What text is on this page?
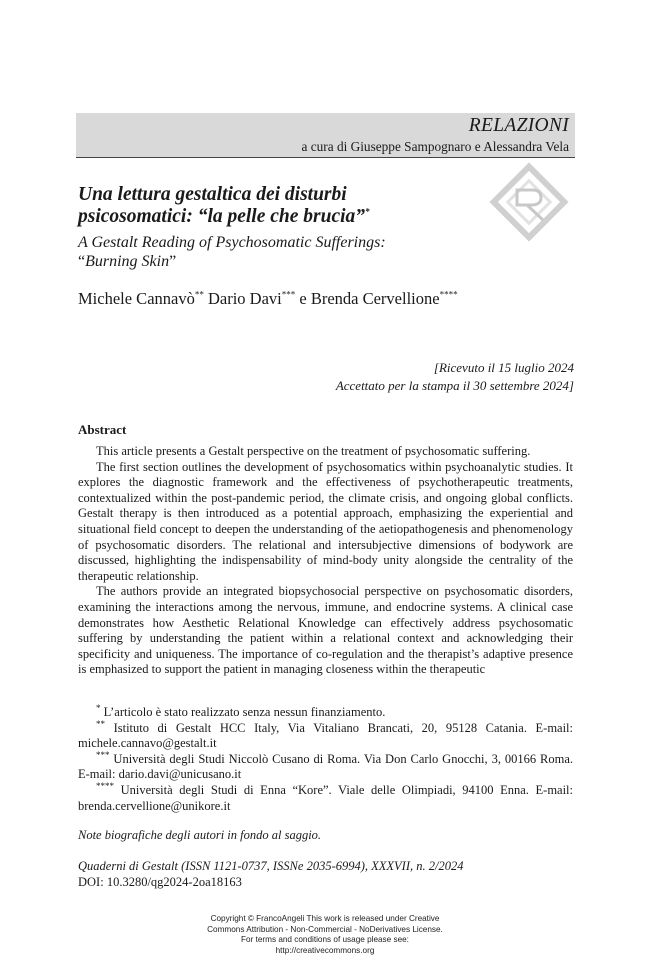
RELAZIONI
a cura di Giuseppe Sampognaro e Alessandra Vela
Una lettura gestaltica dei disturbi
psicosomatici: “la pelle che brucia”*
A Gestalt Reading of Psychosomatic Sufferings:
“Burning Skin”
Michele Cannavò** Dario Davi*** e Brenda Cervellione****
[Ricevuto il 15 luglio 2024
Accettato per la stampa il 30 settembre 2024]
Abstract

This article presents a Gestalt perspective on the treatment of psychosomatic suffering.

The first section outlines the development of psychosomatics within psychoanalytic studies. It explores the diagnostic framework and the effectiveness of psychotherapeutic treatments, contextualized within the post-pandemic period, the climate crisis, and ongoing global conflicts. Gestalt therapy is then introduced as a potential approach, emphasizing the experiential and situational field concept to deepen the understanding of the aetiopathogenesis and phenomenology of psychosomatic disorders. The relational and intersubjective dimensions of bodywork are discussed, highlighting the indispensability of mind-body unity alongside the centrality of the therapeutic relationship.

The authors provide an integrated biopsychosocial perspective on psychosomatic disorders, examining the interactions among the nervous, immune, and endocrine systems. A clinical case demonstrates how Aesthetic Relational Knowledge can effectively address psychosomatic suffering by understanding the patient within a relational context and acknowledging their specificity and uniqueness. The importance of co-regulation and the therapist’s adaptive presence is emphasized to support the patient in managing closeness within the therapeutic

* L’articolo è stato realizzato senza nessun finanziamento.

** Istituto di Gestalt HCC Italy, Via Vitaliano Brancati, 20, 95128 Catania. E-mail: michele.cannavo@gestalt.it

*** Università degli Studi Niccolò Cusano di Roma. Via Don Carlo Gnocchi, 3, 00166 Roma. E-mail: dario.davi@unicusano.it

**** Università degli Studi di Enna “Kore”. Viale delle Olimpiadi, 94100 Enna. E-mail: brenda.cervellione@unikore.it

Note biografiche degli autori in fondo al saggio.
Quaderni di Gestalt (ISSN 1121-0737, ISSNe 2035-6994), XXXVII, n. 2/2024
DOI: 10.3280/qg2024-2oa18163
Copyright © FrancoAngeli This work is released under Creative
Commons Attribution - Non-Commercial - NoDerivatives License.
For terms and conditions of usage please see:
http://creativecommons.org
